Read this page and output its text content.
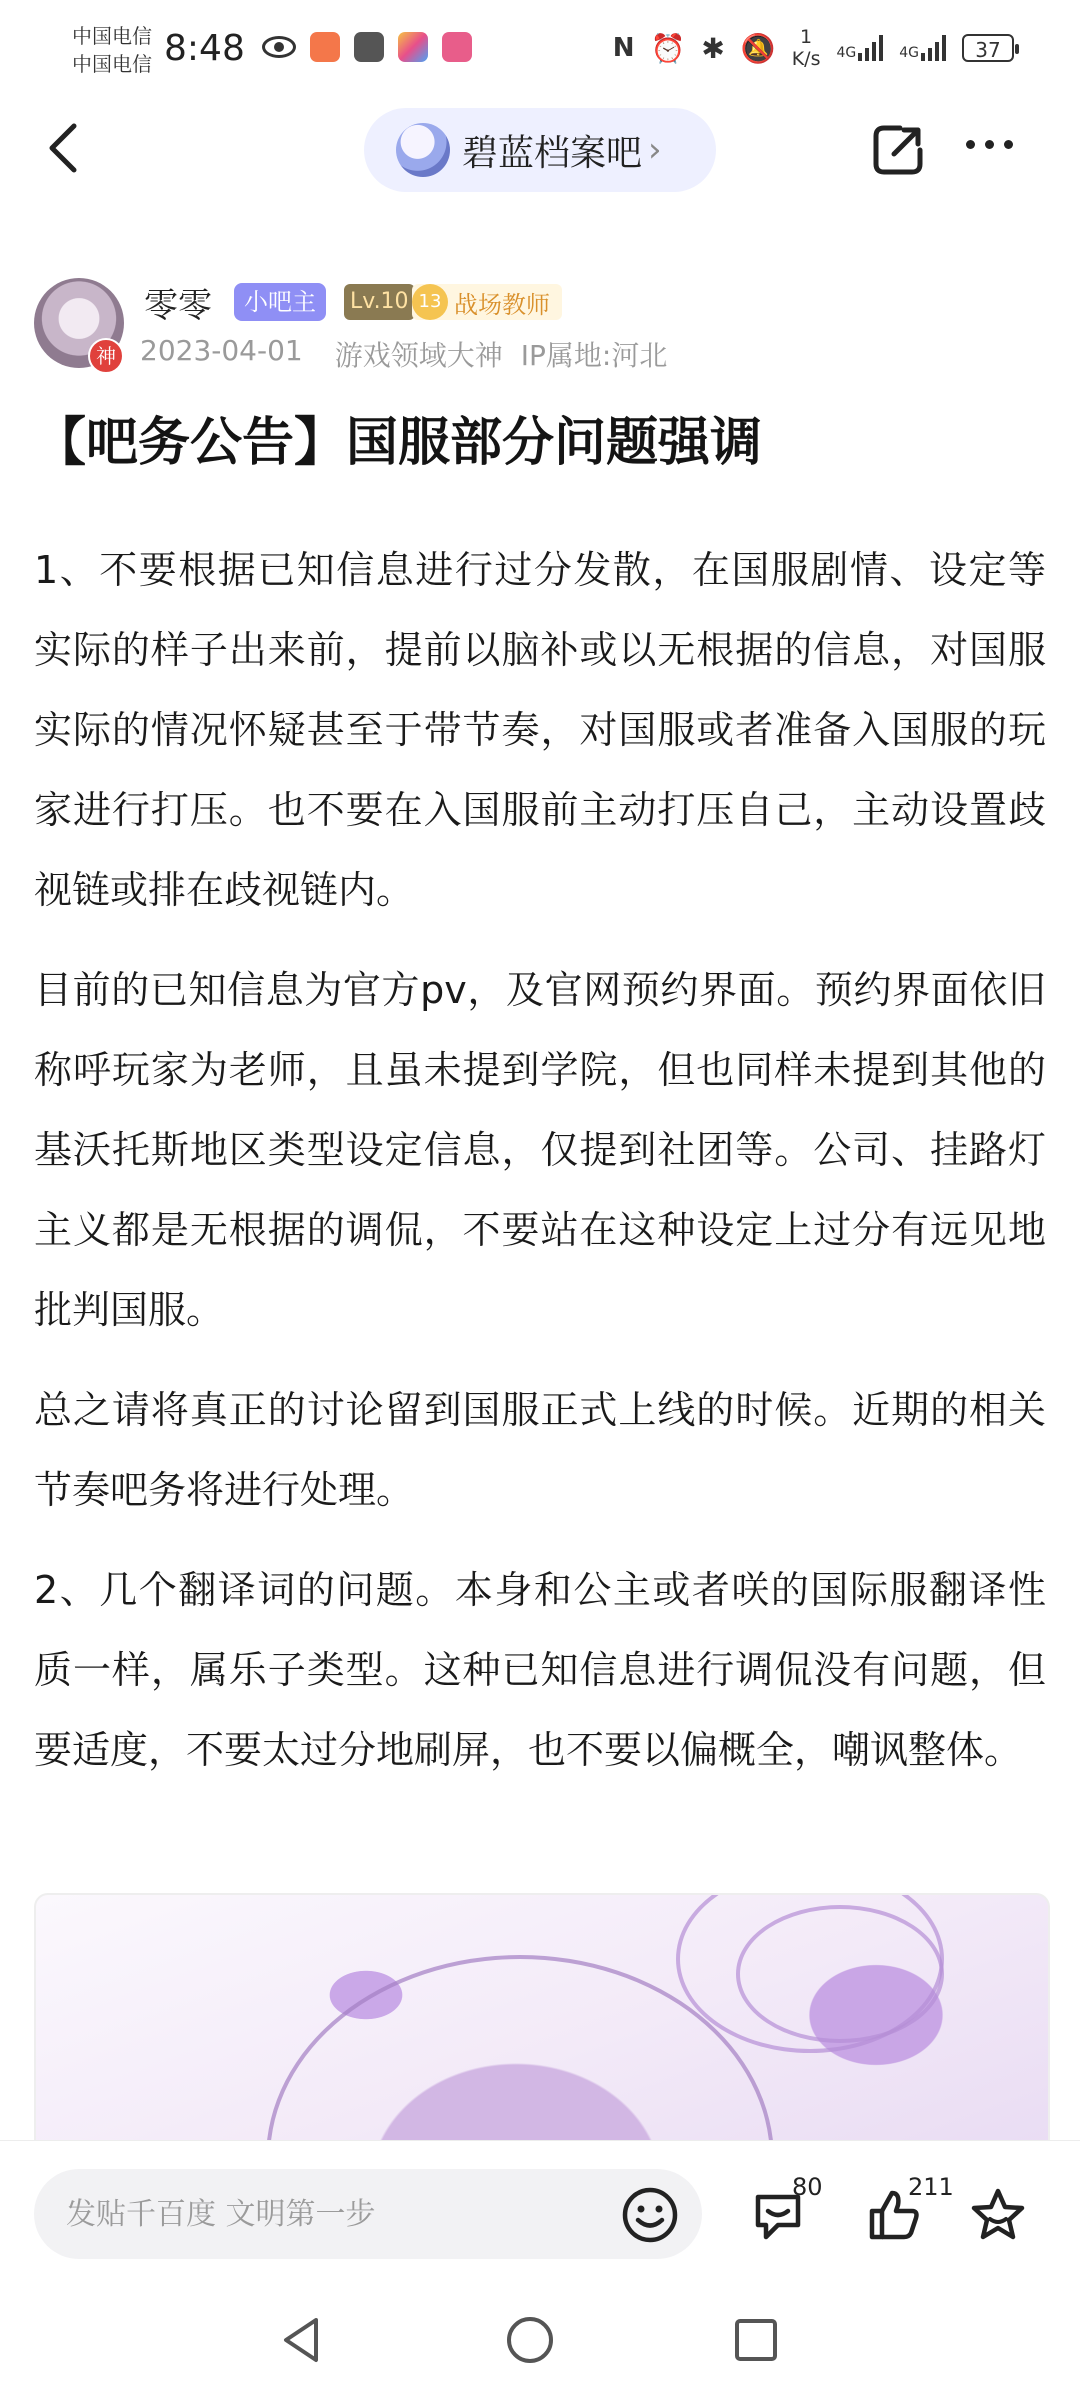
中国电信
中国电信 8:48	N ⏰ ✱ 🔕	1
K/s 4G	4G	37
碧蓝档案吧 ›
神
零零	小吧主	Lv.10 13 战场教师
2023-04-01 游戏领域大神 IP属地:河北
【吧务公告】国服部分问题强调

1、不要根据已知信息进行过分发散，在国服剧情、设定等实际的样子出来前，提前以脑补或以无根据的信息，对国服实际的情况怀疑甚至于带节奏，对国服或者准备入国服的玩家进行打压。也不要在入国服前主动打压自己，主动设置歧视链或排在歧视链内。

目前的已知信息为官方pv，及官网预约界面。预约界面依旧称呼玩家为老师，且虽未提到学院，但也同样未提到其他的基沃托斯地区类型设定信息，仅提到社团等。公司、挂路灯主义都是无根据的调侃，不要站在这种设定上过分有远见地批判国服。

总之请将真正的讨论留到国服正式上线的时候。近期的相关节奏吧务将进行处理。

2、几个翻译词的问题。本身和公主或者咲的国际服翻译性质一样，属乐子类型。这种已知信息进行调侃没有问题，但要适度，不要太过分地刷屏，也不要以偏概全，嘲讽整体。

发贴千百度 文明第一步
80	211
